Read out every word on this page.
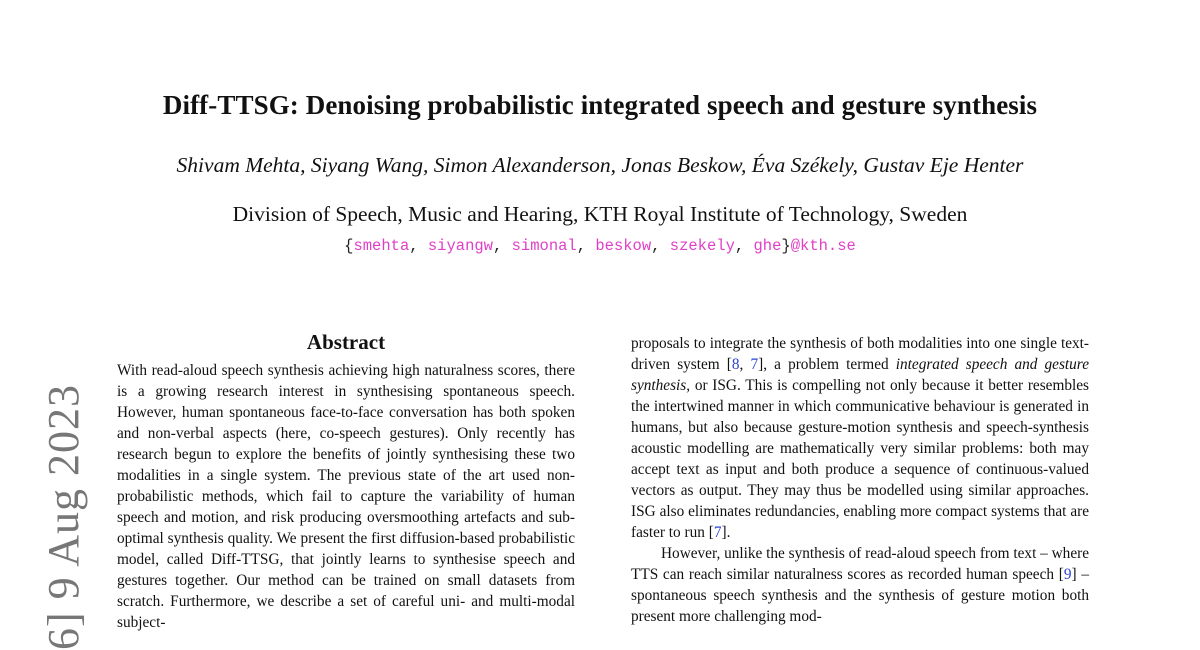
Diff-TTSG: Denoising probabilistic integrated speech and gesture synthesis
Shivam Mehta, Siyang Wang, Simon Alexanderson, Jonas Beskow, Éva Székely, Gustav Eje Henter
Division of Speech, Music and Hearing, KTH Royal Institute of Technology, Sweden
{smehta, siyangw, simonal, beskow, szekely, ghe}@kth.se
6] 9 Aug 2023
Abstract

With read-aloud speech synthesis achieving high naturalness scores, there is a growing research interest in synthesising spontaneous speech. However, human spontaneous face-to-face conversation has both spoken and non-verbal aspects (here, co-speech gestures). Only recently has research begun to explore the benefits of jointly synthesising these two modalities in a single system. The previous state of the art used non-probabilistic methods, which fail to capture the variability of human speech and motion, and risk producing oversmoothing artefacts and sub-optimal synthesis quality. We present the first diffusion-based probabilistic model, called Diff-TTSG, that jointly learns to synthesise speech and gestures together. Our method can be trained on small datasets from scratch. Furthermore, we describe a set of careful uni- and multi-modal subject-

proposals to integrate the synthesis of both modalities into one single text-driven system [8, 7], a problem termed integrated speech and gesture synthesis, or ISG. This is compelling not only because it better resembles the intertwined manner in which communicative behaviour is generated in humans, but also because gesture-motion synthesis and speech-synthesis acoustic modelling are mathematically very similar problems: both may accept text as input and both produce a sequence of continuous-valued vectors as output. They may thus be modelled using similar approaches. ISG also eliminates redundancies, enabling more compact systems that are faster to run [7].

However, unlike the synthesis of read-aloud speech from text – where TTS can reach similar naturalness scores as recorded human speech [9] – spontaneous speech synthesis and the synthesis of gesture motion both present more challenging mod-
